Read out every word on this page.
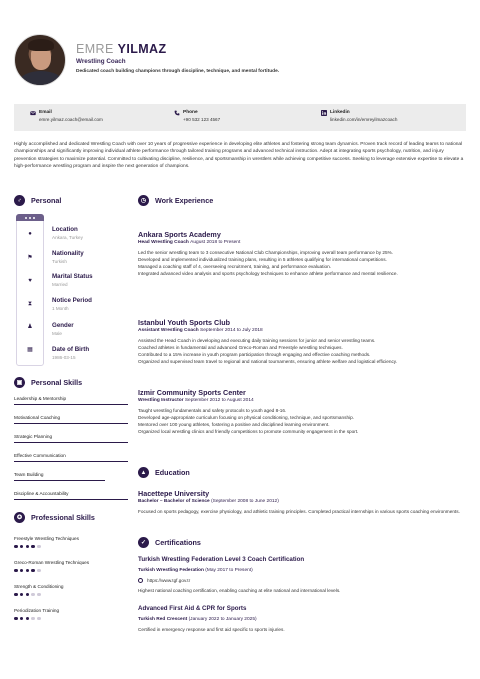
EMRE YILMAZ
Wrestling Coach
Dedicated coach building champions through discipline, technique, and mental fortitude.
Email
emre.yilmaz.coach@email.com
Phone
+90 532 123 4567
Linkedin
linkedin.com/in/emreyilmazcoach
Highly accomplished and dedicated Wrestling Coach with over 10 years of progressive experience in developing elite athletes and fostering strong team dynamics. Proven track record of leading teams to national championships and significantly improving individual athlete performance through tailored training programs and advanced technical instruction. Adept at integrating sports psychology, nutrition, and injury prevention strategies to maximize potential. Committed to cultivating discipline, resilience, and sportsmanship in wrestlers while achieving competitive success. Seeking to leverage extensive expertise to elevate a high-performance wrestling program and inspire the next generation of champions.
♂	Personal
●
⚑
♥
⧗
♟
▦
Location
Ankara, Turkey
Nationality
Turkish
Marital Status
Married
Notice Period
1 Month
Gender
Male
Date of Birth
1986-03-15
▣	Personal Skills
Leadership & Mentorship
Motivational Coaching
Strategic Planning
Effective Communication
Team Building
Discipline & Accountability
✪	Professional Skills
Freestyle Wrestling Techniques
Greco-Roman Wrestling Techniques
Strength & Conditioning
Periodization Training
◷	Work Experience
Ankara Sports Academy
Head Wrestling Coach August 2018 to Present

Led the senior wrestling team to 3 consecutive National Club Championships, improving overall team performance by 25%.

Developed and implemented individualized training plans, resulting in 5 athletes qualifying for international competitions.

Managed a coaching staff of 4, overseeing recruitment, training, and performance evaluation.

Integrated advanced video analysis and sports psychology techniques to enhance athlete performance and mental resilience.

Istanbul Youth Sports Club
Assistant Wrestling Coach September 2014 to July 2018

Assisted the Head Coach in developing and executing daily training sessions for junior and senior wrestling teams.

Coached athletes in fundamental and advanced Greco-Roman and Freestyle wrestling techniques.

Contributed to a 15% increase in youth program participation through engaging and effective coaching methods.

Organized and supervised team travel to regional and national tournaments, ensuring athlete welfare and logistical efficiency.

Izmir Community Sports Center
Wrestling Instructor September 2012 to August 2014

Taught wrestling fundamentals and safety protocols to youth aged 8-16.

Developed age-appropriate curriculum focusing on physical conditioning, technique, and sportsmanship.

Mentored over 100 young athletes, fostering a positive and disciplined learning environment.

Organized local wrestling clinics and friendly competitions to promote community engagement in the sport.

▲	Education
Hacettepe University
Bachelor – Bachelor of Science (September 2008 to June 2012)
Focused on sports pedagogy, exercise physiology, and athletic training principles. Completed practical internships in various sports coaching environments.
✓	Certifications
Turkish Wrestling Federation Level 3 Coach Certification
Turkish Wrestling Federation (May 2017 to Present)
https://www.tgf.gov.tr
Highest national coaching certification, enabling coaching at elite national and international levels.
Advanced First Aid & CPR for Sports
Turkish Red Crescent (January 2022 to January 2025)
Certified in emergency response and first aid specific to sports injuries.
